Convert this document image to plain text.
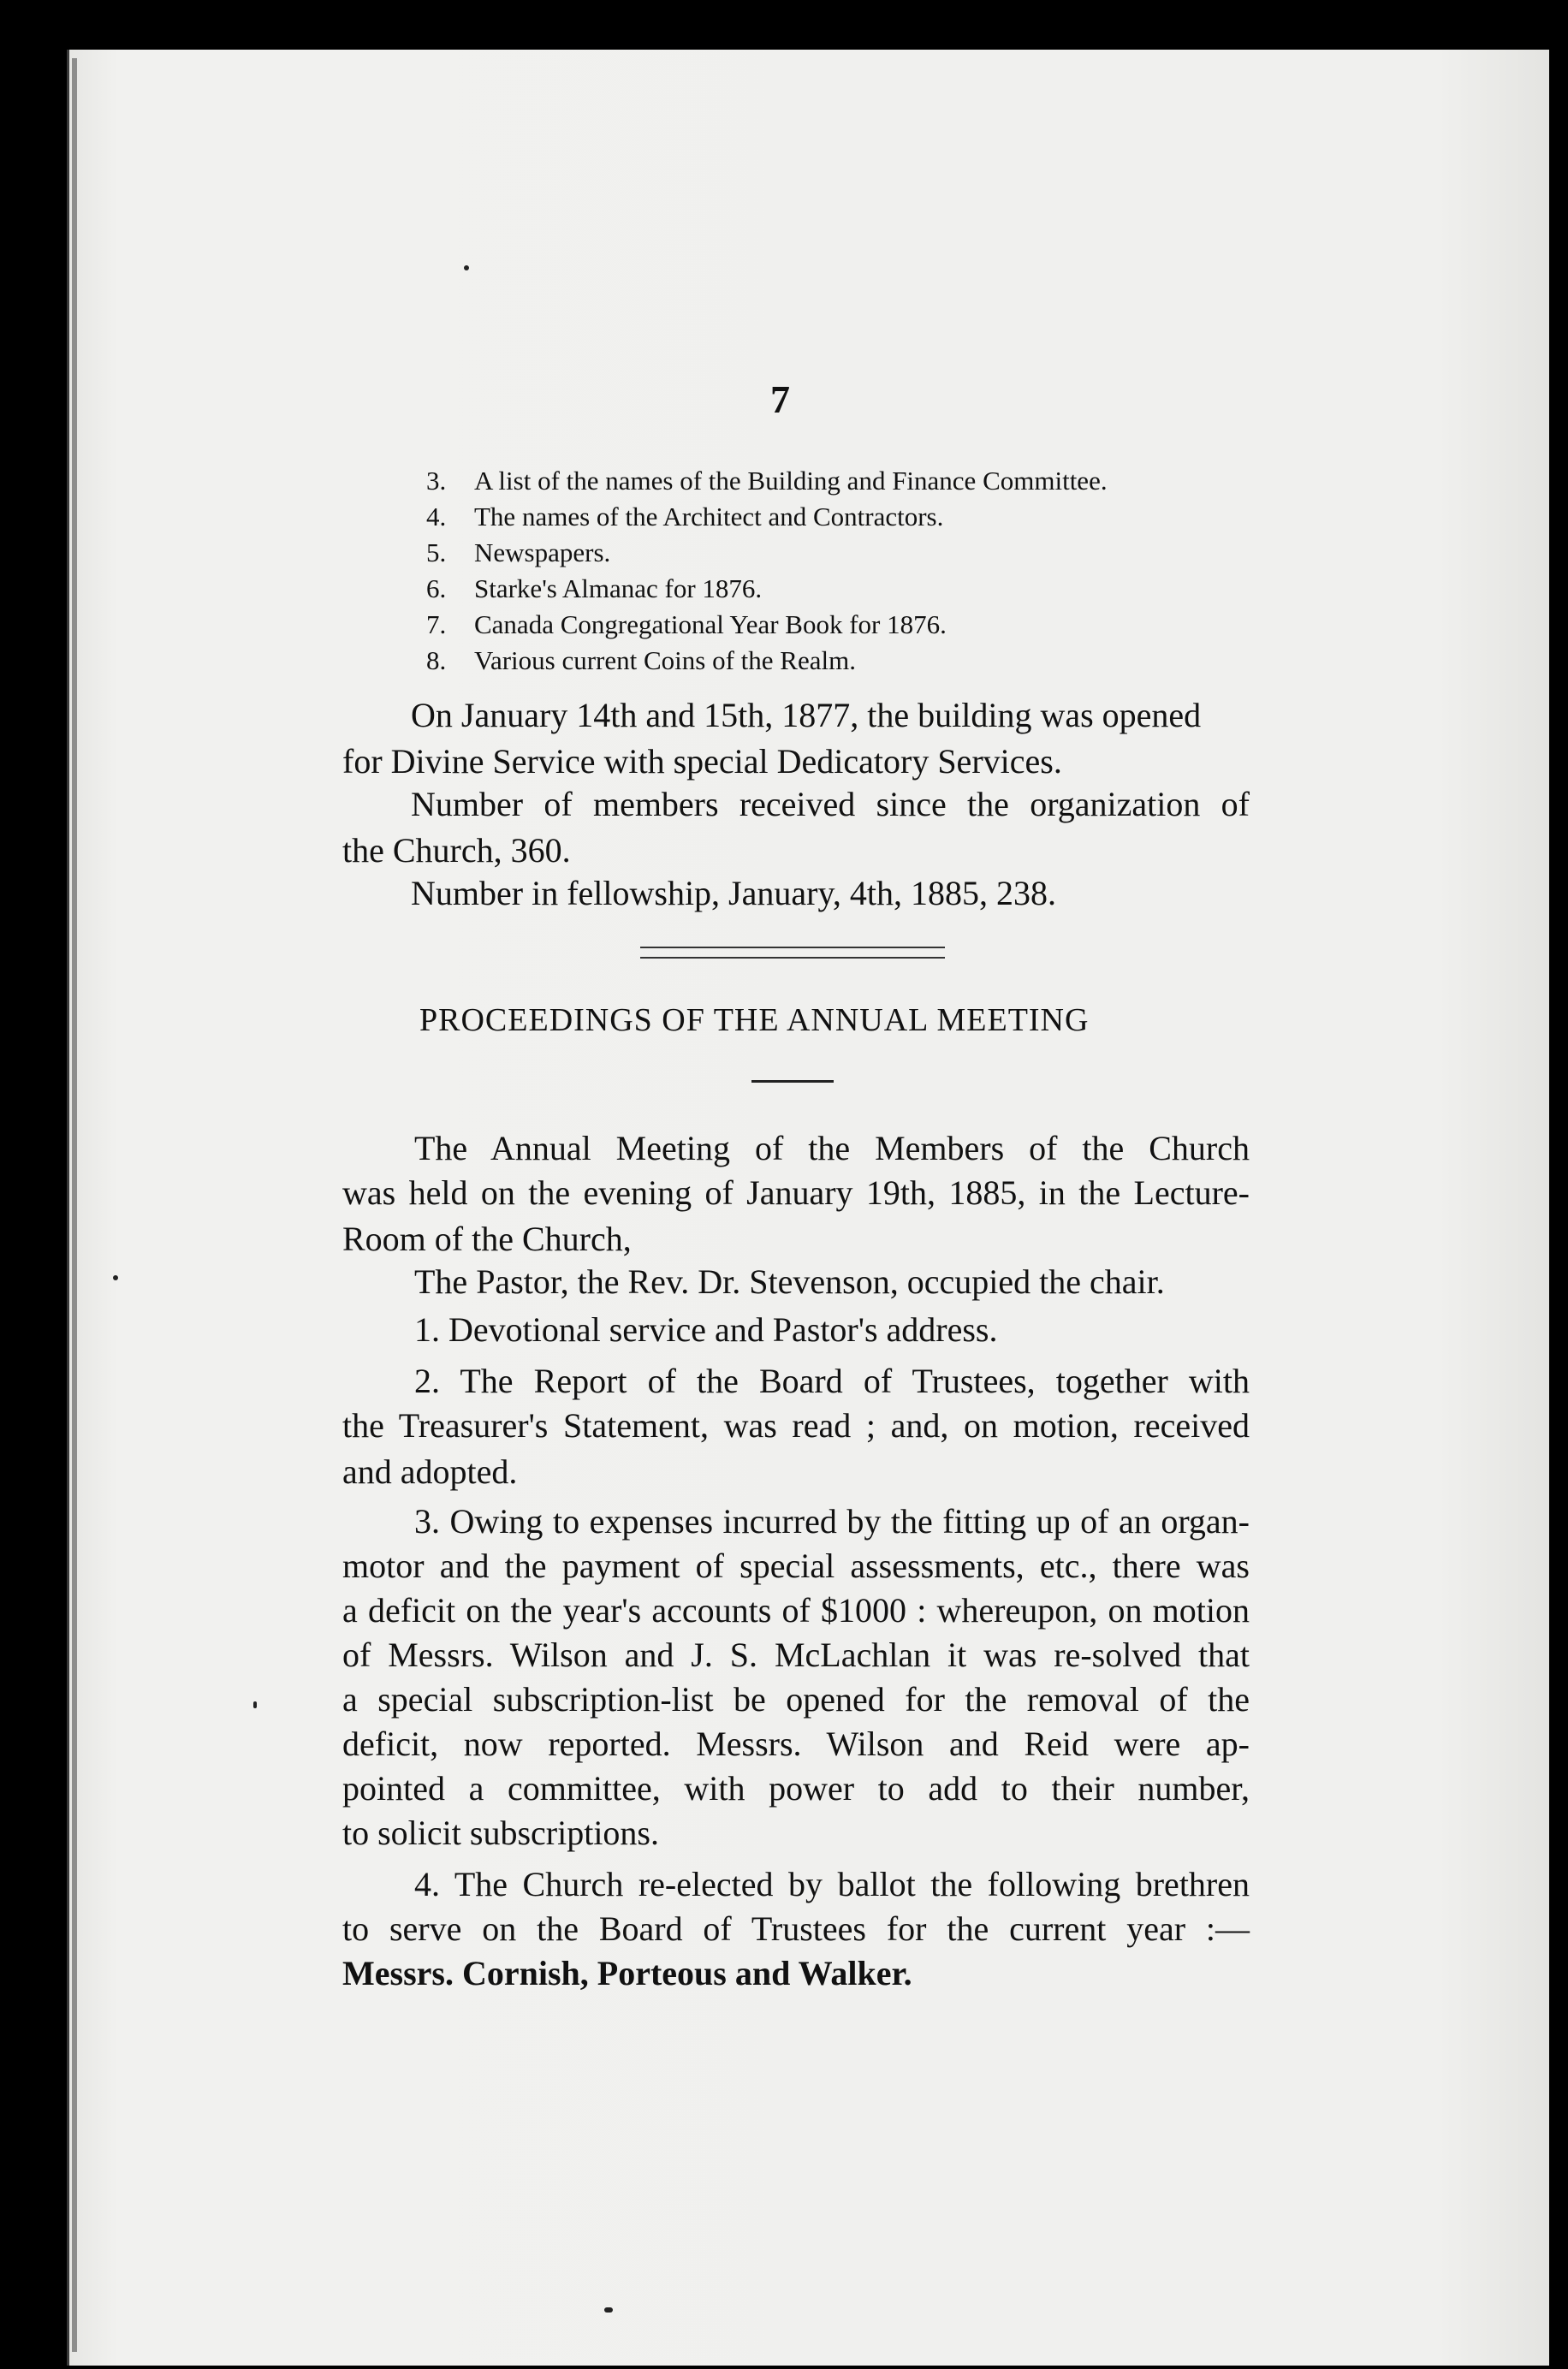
7
3.	A list of the names of the Building and Finance Committee.
4.	The names of the Architect and Contractors.
5.	Newspapers.
6.	Starke's Almanac for 1876.
7.	Canada Congregational Year Book for 1876.
8.	Various current Coins of the Realm.
On January 14th and 15th, 1877, the building was opened
for Divine Service with special Dedicatory Services.
Number of members received since the organization of
the Church, 360.
Number in fellowship, January, 4th, 1885, 238.
PROCEEDINGS OF THE ANNUAL MEETING
The Annual Meeting of the Members of the Church
was held on the evening of January 19th, 1885, in the Lecture-
Room of the Church,
The Pastor, the Rev. Dr. Stevenson, occupied the chair.
1. Devotional service and Pastor's address.
2. The Report of the Board of Trustees, together with
the Treasurer's Statement, was read ; and, on motion, received
and adopted.
3. Owing to expenses incurred by the fitting up of an organ-
motor and the payment of special assessments, etc., there was
a deficit on the year's accounts of $1000 : whereupon, on motion
of Messrs. Wilson and J. S. McLachlan it was re-solved that
a special subscription-list be opened for the removal of the
deficit, now reported. Messrs. Wilson and Reid were ap-
pointed a committee, with power to add to their number,
to solicit subscriptions.
4. The Church re-elected by ballot the following brethren
to serve on the Board of Trustees for the current year :—
Messrs. Cornish, Porteous and Walker.
